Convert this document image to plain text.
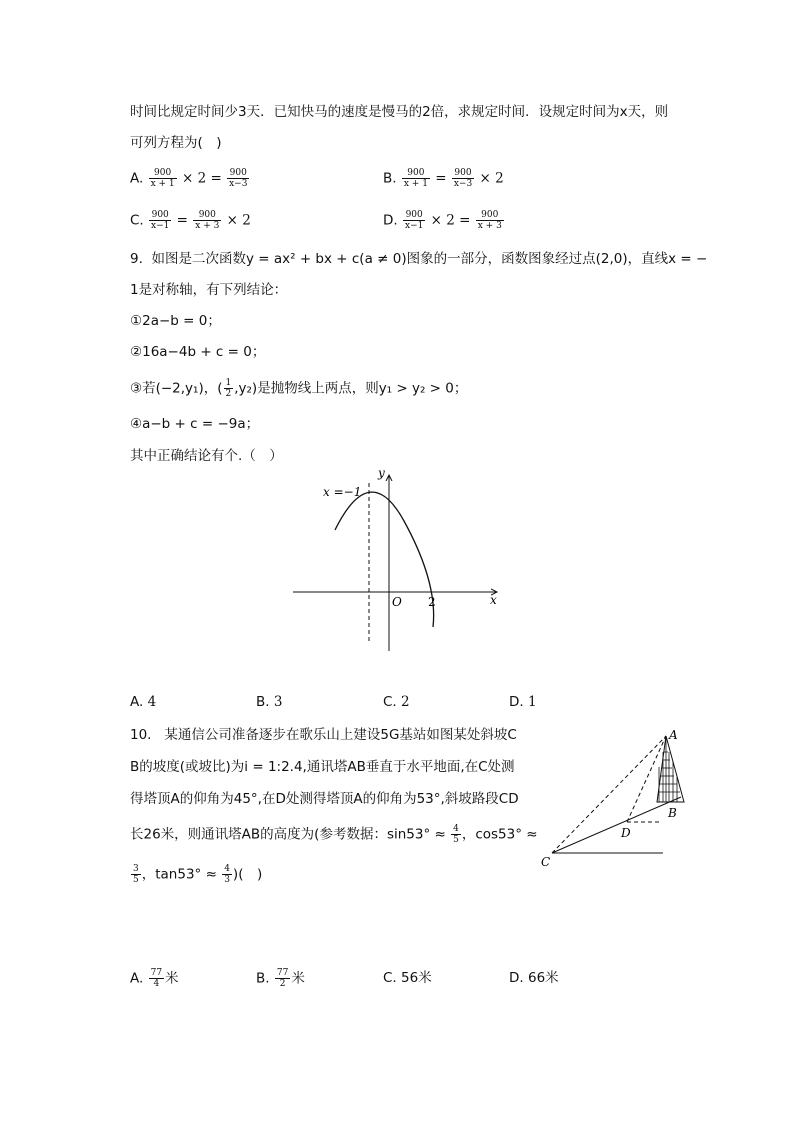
时间比规定时间少3天．已知快马的速度是慢马的2倍，求规定时间．设规定时间为x天，则
可列方程为(　)
A. $\frac{900}{x + 1} \times 2 = \frac{900}{x-3}$	B. $\frac{900}{x + 1} = \frac{900}{x-3} \times 2$
C. $\frac{900}{x-1} = \frac{900}{x + 3} \times 2$	D. $\frac{900}{x-1} \times 2 = \frac{900}{x + 3}$
9. 如图是二次函数y = ax² + bx + c(a ≠ 0)图象的一部分，函数图象经过点(2,0)，直线x = −
1是对称轴，有下列结论：
①2a−b = 0；
②16a−4b + c = 0；
③若(−2,y₁)，( $\frac{1}{2} ,y_2$)是抛物线上两点，则y₁ > y₂ > 0；
④a−b + c = −9a；
其中正确结论有个.（　）
y
x
O 2
x =−1
A. 4	B. 3	C. 2	D. 1
10. 某通信公司准备逐步在歌乐山上建设5G基站如图某处斜坡C
B的坡度(或坡比)为i = 1:2.4,通讯塔AB垂直于水平地面,在C处测
得塔顶A的仰角为45°,在D处测得塔顶A的仰角为53°,斜坡路段CD
长26米，则通讯塔AB的高度为(参考数据：$\sin 53^\circ \approx \frac{4}{5}$ ，cos53° ≈
$\frac{3}{5}$ ，$\tan 53^\circ \approx \frac{4}{3}$ )(　)
A
B
C
D
A. $\frac{77}{4}$ 米	B. $\frac{77}{2}$ 米	C. 56米	D. 66米
